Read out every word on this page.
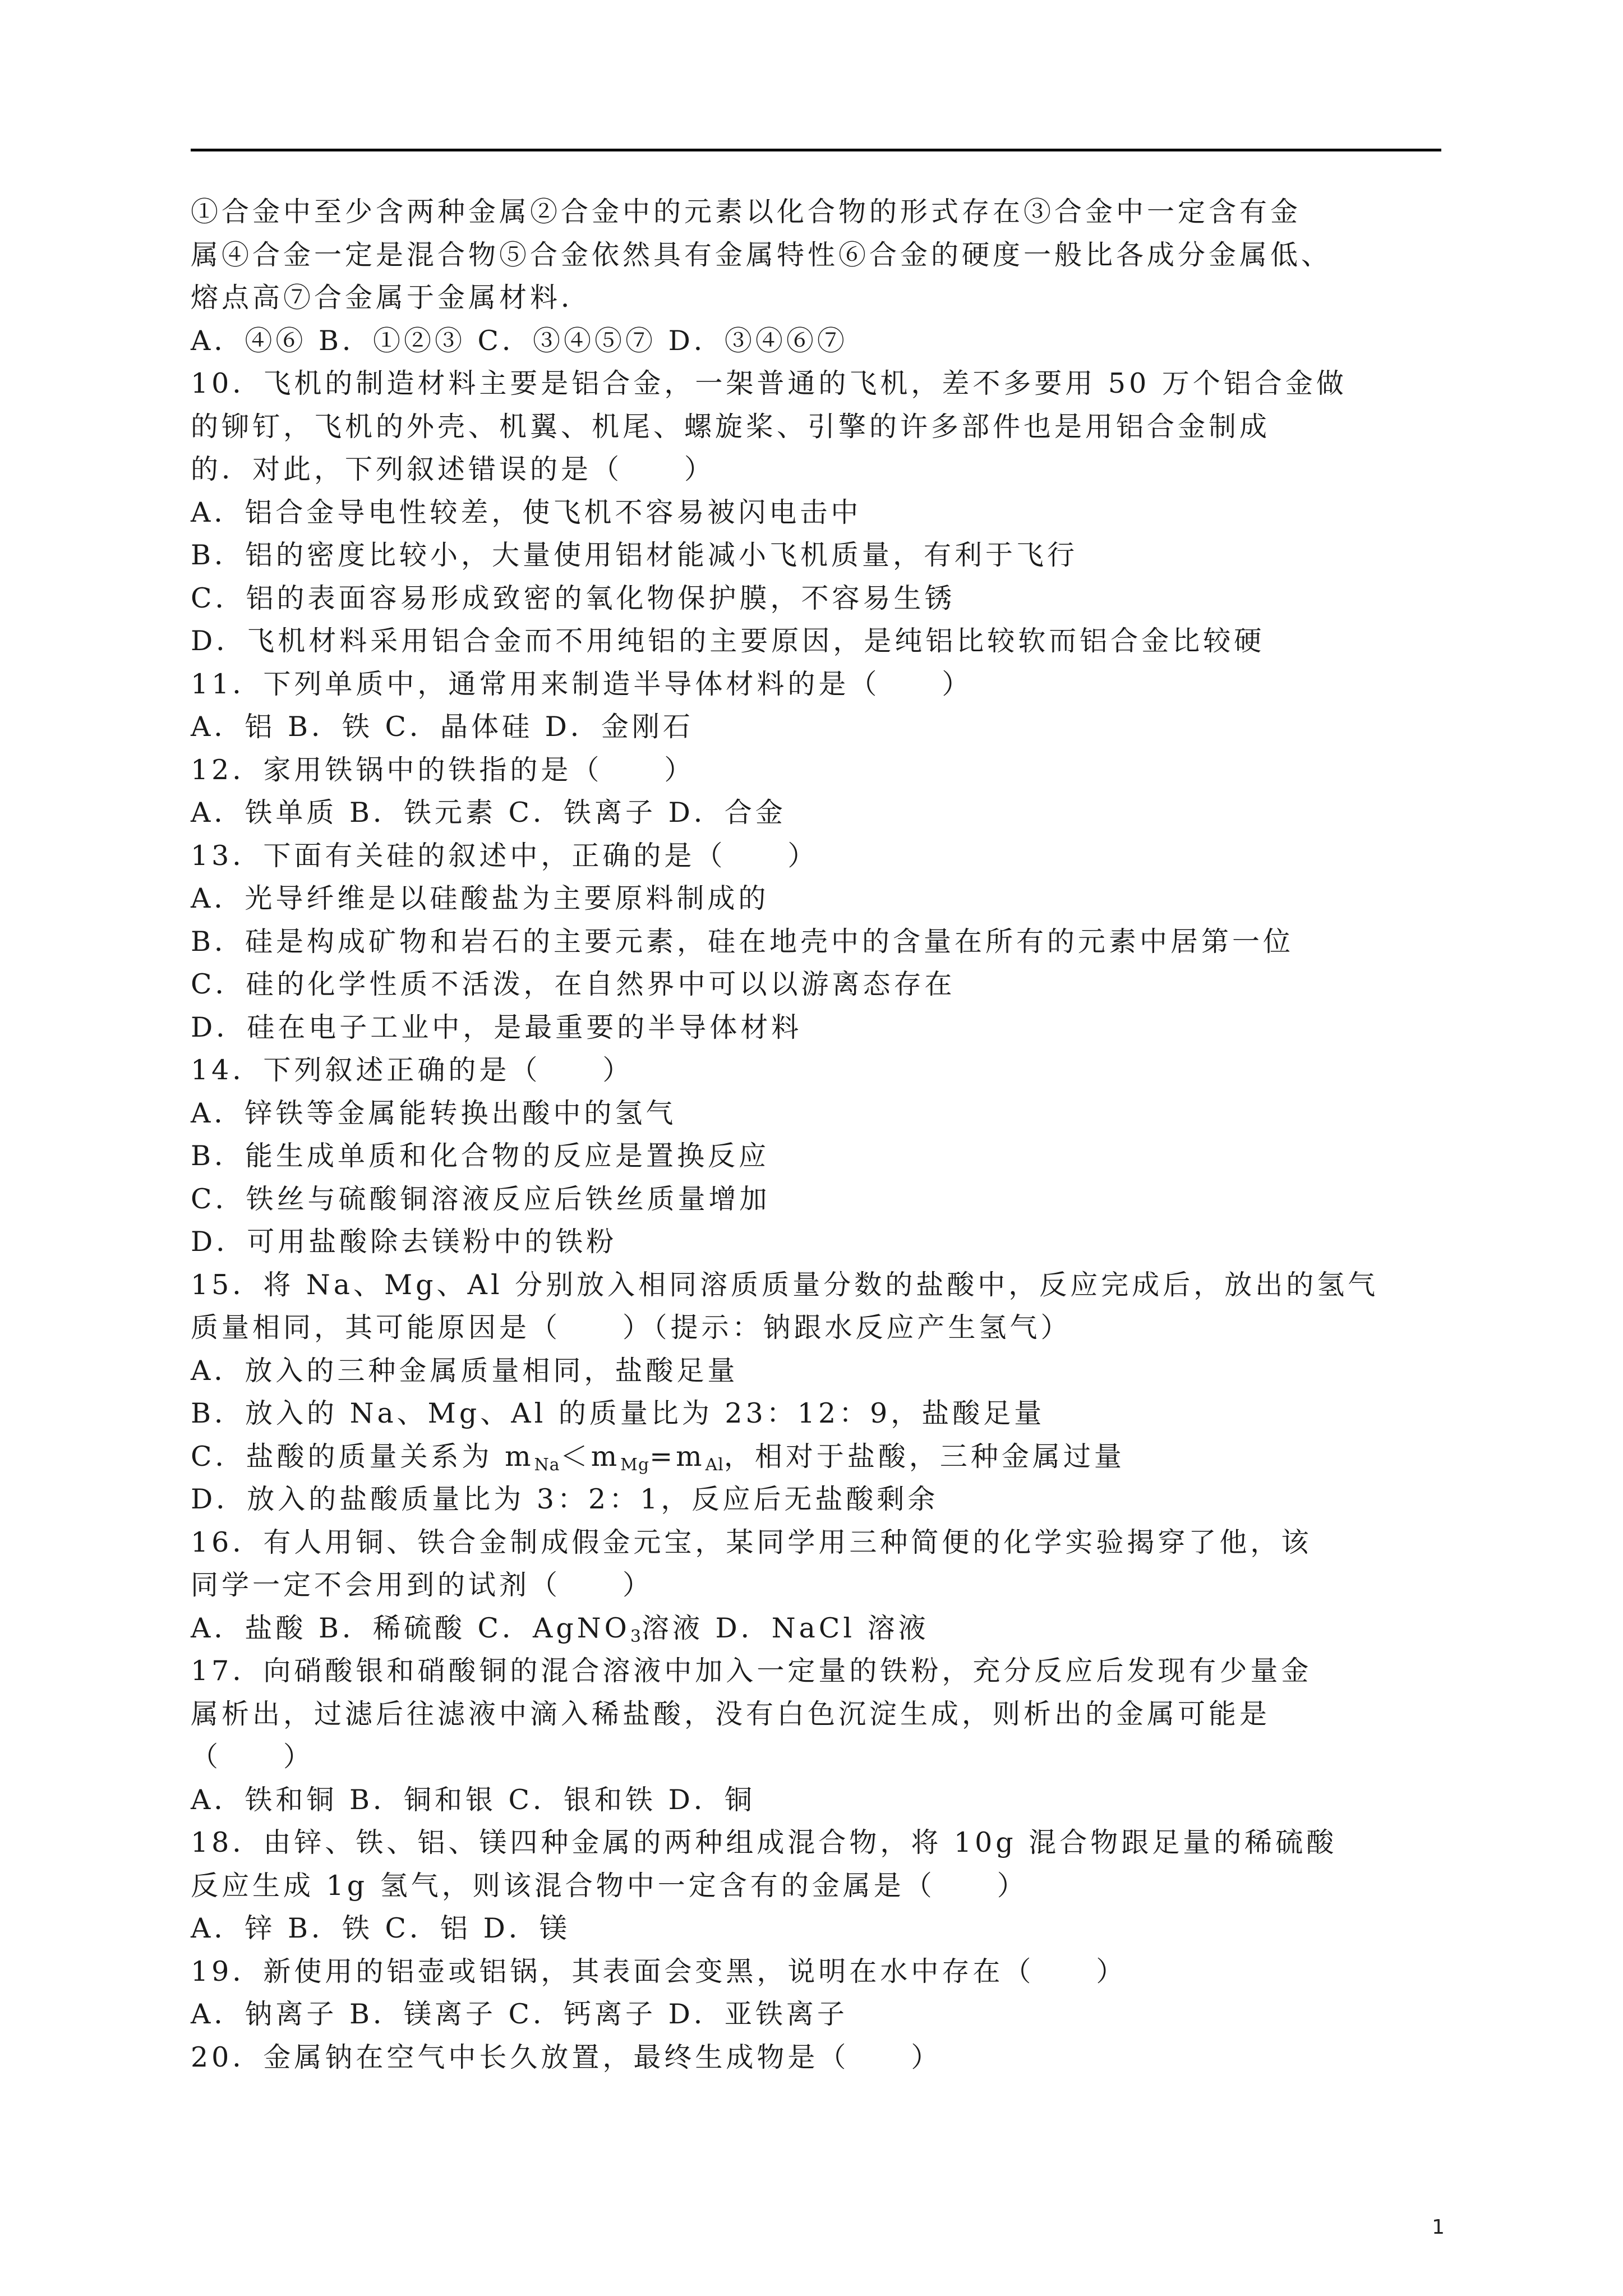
①合金中至少含两种金属②合金中的元素以化合物的形式存在③合金中一定含有金
属④合金一定是混合物⑤合金依然具有金属特性⑥合金的硬度一般比各成分金属低、
熔点高⑦合金属于金属材料．
A．④⑥ B．①②③ C．③④⑤⑦ D．③④⑥⑦
10．飞机的制造材料主要是铝合金，一架普通的飞机，差不多要用 50 万个铝合金做
的铆钉，飞机的外壳、机翼、机尾、螺旋桨、引擎的许多部件也是用铝合金制成
的．对此，下列叙述错误的是（　　）
A．铝合金导电性较差，使飞机不容易被闪电击中
B．铝的密度比较小，大量使用铝材能减小飞机质量，有利于飞行
C．铝的表面容易形成致密的氧化物保护膜，不容易生锈
D．飞机材料采用铝合金而不用纯铝的主要原因，是纯铝比较软而铝合金比较硬
11．下列单质中，通常用来制造半导体材料的是（　　）
A．铝 B．铁 C．晶体硅 D．金刚石
12．家用铁锅中的铁指的是（　　）
A．铁单质 B．铁元素 C．铁离子 D．合金
13．下面有关硅的叙述中，正确的是（　　）
A．光导纤维是以硅酸盐为主要原料制成的
B．硅是构成矿物和岩石的主要元素，硅在地壳中的含量在所有的元素中居第一位
C．硅的化学性质不活泼，在自然界中可以以游离态存在
D．硅在电子工业中，是最重要的半导体材料
14．下列叙述正确的是（　　）
A．锌铁等金属能转换出酸中的氢气
B．能生成单质和化合物的反应是置换反应
C．铁丝与硫酸铜溶液反应后铁丝质量增加
D．可用盐酸除去镁粉中的铁粉
15．将 Na、Mg、Al 分别放入相同溶质质量分数的盐酸中，反应完成后，放出的氢气
质量相同，其可能原因是（　　）（提示：钠跟水反应产生氢气）
A．放入的三种金属质量相同，盐酸足量
B．放入的 Na、Mg、Al 的质量比为 23：12：9，盐酸足量
C．盐酸的质量关系为 $m_{Na}<m_{Mg}=m_{Al}$，相对于盐酸，三种金属过量
D．放入的盐酸质量比为 3：2：1，反应后无盐酸剩余
16．有人用铜、铁合金制成假金元宝，某同学用三种简便的化学实验揭穿了他，该
同学一定不会用到的试剂（　　）
A．盐酸 B．稀硫酸 C．AgNO$_3$溶液 D．NaCl 溶液
17．向硝酸银和硝酸铜的混合溶液中加入一定量的铁粉，充分反应后发现有少量金
属析出，过滤后往滤液中滴入稀盐酸，没有白色沉淀生成，则析出的金属可能是
（　　）
A．铁和铜 B．铜和银 C．银和铁 D．铜
18．由锌、铁、铝、镁四种金属的两种组成混合物，将 10g 混合物跟足量的稀硫酸
反应生成 1g 氢气，则该混合物中一定含有的金属是（　　）
A．锌 B．铁 C．铝 D．镁
19．新使用的铝壶或铝锅，其表面会变黑，说明在水中存在（　　）
A．钠离子 B．镁离子 C．钙离子 D．亚铁离子
20．金属钠在空气中长久放置，最终生成物是（　　）
1
